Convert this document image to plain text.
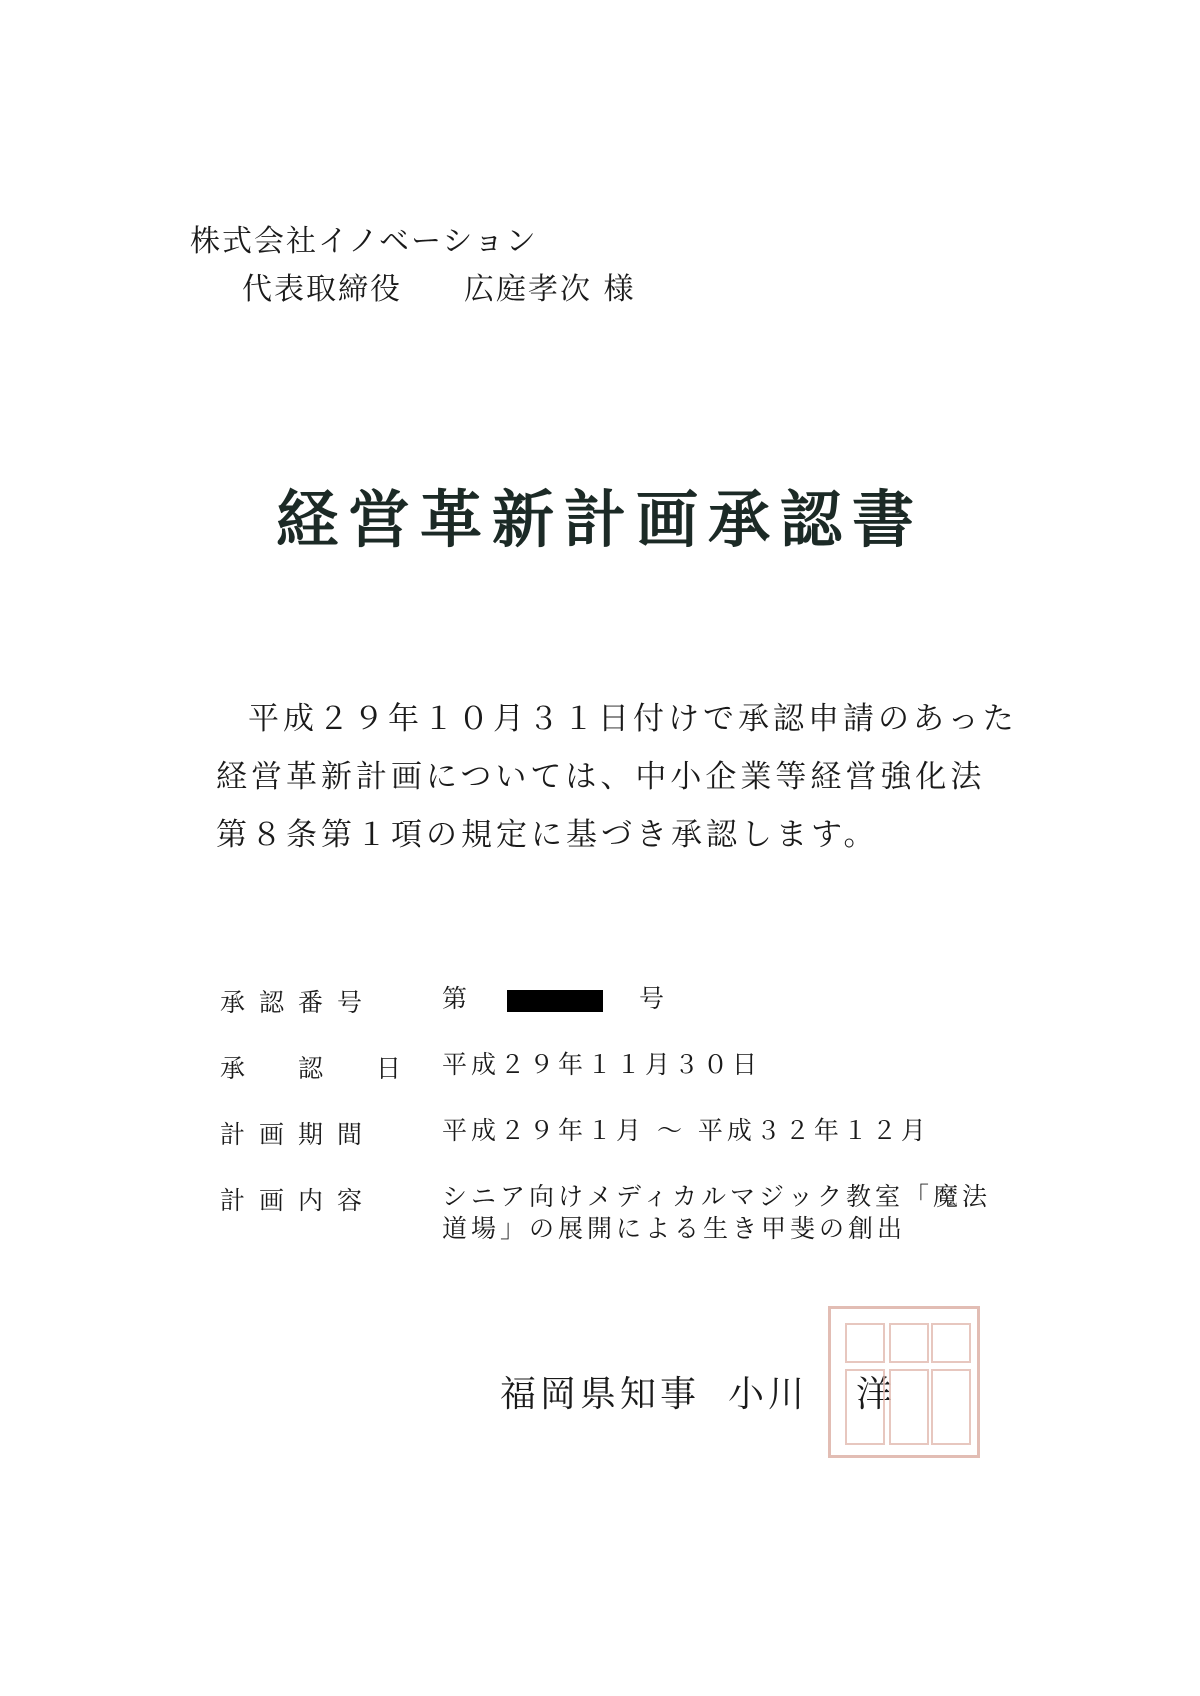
株式会社イノベーション
代表取締役 広庭孝次 様
経営革新計画承認書
平成２９年１０月３１日付けで承認申請のあった
経営革新計画については、中小企業等経営強化法
第８条第１項の規定に基づき承認します。
承認番号	第	号
承　認　日 平成２９年１１月３０日
計画期間	平成２９年１月 ～ 平成３２年１２月
計画内容	シニア向けメディカルマジック教室「魔法道場」の展開による生き甲斐の創出
福岡県知事 小川 洋
